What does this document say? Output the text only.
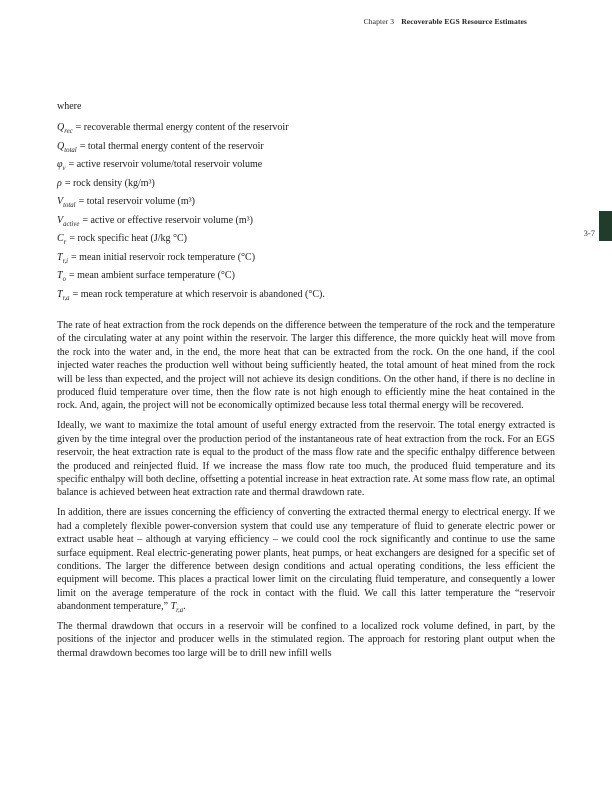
Chapter 3 Recoverable EGS Resource Estimates
3-7
where
$Q_{rec}$ = recoverable thermal energy content of the reservoir
$Q_{total}$ = total thermal energy content of the reservoir
$\varphi_v$ = active reservoir volume/total reservoir volume
ρ = rock density (kg/m³)
$V_{total}$ = total reservoir volume (m³)
$V_{active}$ = active or effective reservoir volume (m³)
$C_r$ = rock specific heat (J/kg °C)
$T_{r,i}$ = mean initial reservoir rock temperature (°C)
$T_o$ = mean ambient surface temperature (°C)
$T_{r,a}$ = mean rock temperature at which reservoir is abandoned (°C).

The rate of heat extraction from the rock depends on the difference between the temperature of the rock and the temperature of the circulating water at any point within the reservoir. The larger this difference, the more quickly heat will move from the rock into the water and, in the end, the more heat that can be extracted from the rock. On the one hand, if the cool injected water reaches the production well without being sufficiently heated, the total amount of heat mined from the rock will be less than expected, and the project will not achieve its design conditions. On the other hand, if there is no decline in produced fluid temperature over time, then the flow rate is not high enough to efficiently mine the heat contained in the rock. And, again, the project will not be economically optimized because less total thermal energy will be recovered.

Ideally, we want to maximize the total amount of useful energy extracted from the reservoir. The total energy extracted is given by the time integral over the production period of the instantaneous rate of heat extraction from the rock. For an EGS reservoir, the heat extraction rate is equal to the product of the mass flow rate and the specific enthalpy difference between the produced and reinjected fluid. If we increase the mass flow rate too much, the produced fluid temperature and its specific enthalpy will both decline, offsetting a potential increase in heat extraction rate. At some mass flow rate, an optimal balance is achieved between heat extraction rate and thermal drawdown rate.

In addition, there are issues concerning the efficiency of converting the extracted thermal energy to electrical energy. If we had a completely flexible power-conversion system that could use any temperature of fluid to generate electric power or extract usable heat – although at varying efficiency – we could cool the rock significantly and continue to use the same surface equipment. Real electric-generating power plants, heat pumps, or heat exchangers are designed for a specific set of conditions. The larger the difference between design conditions and actual operating conditions, the less efficient the equipment will become. This places a practical lower limit on the circulating fluid temperature, and consequently a lower limit on the average temperature of the rock in contact with the fluid. We call this latter temperature the “reservoir abandonment temperature,” $T_{r,a}$.

The thermal drawdown that occurs in a reservoir will be confined to a localized rock volume defined, in part, by the positions of the injector and producer wells in the stimulated region. The approach for restoring plant output when the thermal drawdown becomes too large will be to drill new infill wells
